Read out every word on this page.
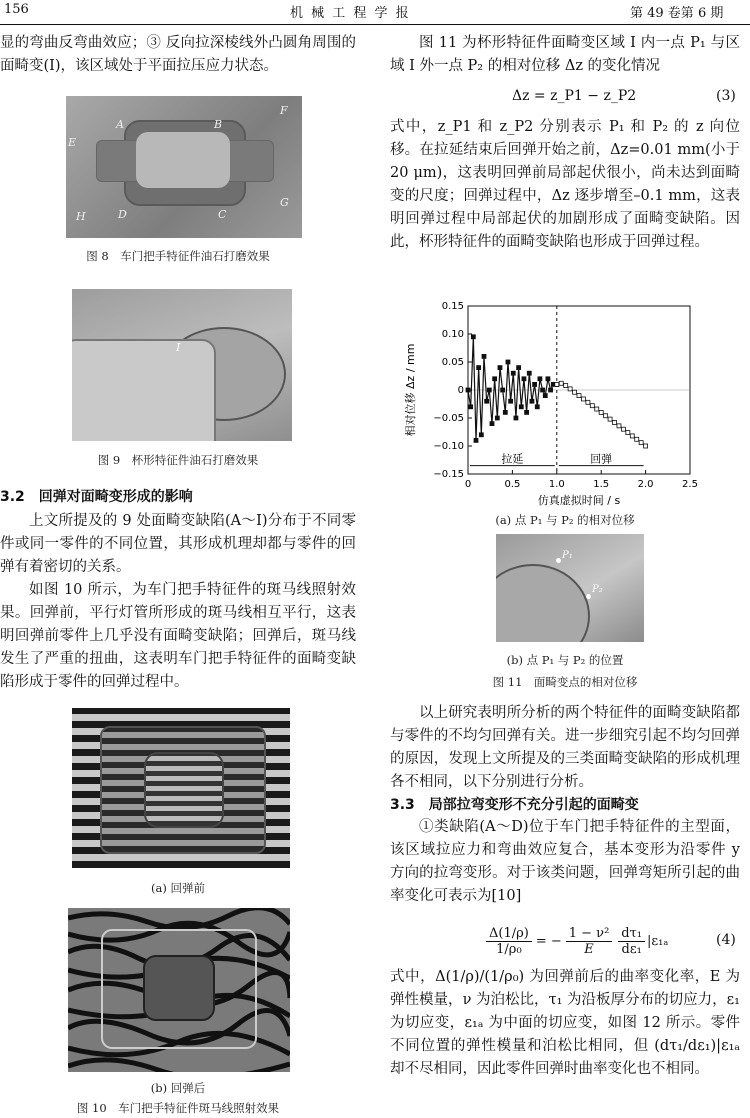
156	机 械 工 程 学 报	第 49 卷第 6 期

显的弯曲反弯曲效应；③ 反向拉深棱线外凸圆角周围的面畸变(I)，该区域处于平面拉压应力状态。

A	B
C
D
E
F
G
H

图 8　车门把手特征件油石打磨效果

I

图 9　杯形特征件油石打磨效果

3.2　回弹对面畸变形成的影响

上文所提及的 9 处面畸变缺陷(A～I)分布于不同零件或同一零件的不同位置，其形成机理却都与零件的回弹有着密切的关系。

如图 10 所示，为车门把手特征件的斑马线照射效果。回弹前，平行灯管所形成的斑马线相互平行，这表明回弹前零件上几乎没有面畸变缺陷；回弹后，斑马线发生了严重的扭曲，这表明车门把手特征件的面畸变缺陷形成于零件的回弹过程中。

(a) 回弹前

(b) 回弹后

图 10　车门把手特征件斑马线照射效果

图 11 为杯形特征件面畸变区域 I 内一点 P₁ 与区域 I 外一点 P₂ 的相对位移 Δz 的变化情况

Δz = z_P1 − z_P2	(3)

式中，z_P1 和 z_P2 分别表示 P₁ 和 P₂ 的 z 向位移。在拉延结束后回弹开始之前，Δz=0.01 mm(小于 20 μm)，这表明回弹前局部起伏很小，尚未达到面畸变的尺度；回弹过程中，Δz 逐步增至–0.1 mm，这表明回弹过程中局部起伏的加剧形成了面畸变缺陷。因此，杯形特征件的面畸变缺陷也形成于回弹过程。

0	0.5	1.0	1.5	2.0	2.5
−0.15
−0.10
−0.05
0
0.05
0.10
0.15
拉延	回弹
仿真虚拟时间 / s
相对位移 Δz / mm

(a) 点 P₁ 与 P₂ 的相对位移

P₁
P₂

(b) 点 P₁ 与 P₂ 的位置

图 11　面畸变点的相对位移

以上研究表明所分析的两个特征件的面畸变缺陷都与零件的不均匀回弹有关。进一步细究引起不均匀回弹的原因，发现上文所提及的三类面畸变缺陷的形成机理各不相同，以下分别进行分析。

3.3　局部拉弯变形不充分引起的面畸变

①类缺陷(A～D)位于车门把手特征件的主型面，该区域拉应力和弯曲效应复合，基本变形为沿零件 y 方向的拉弯变形。对于该类问题，回弹弯矩所引起的曲率变化可表示为[10]

$\frac{\Delta(1/\rho)}{\text{1/ρ₀}}$ = − $\frac{\text{1 − ν²}}{E} \frac{\text{dτ₁}}{\text{dε₁}} |\varepsilon_{1a}$	(4)

式中，Δ(1/ρ)/(1/ρ₀) 为回弹前后的曲率变化率，E 为弹性模量，ν 为泊松比，τ₁ 为沿板厚分布的切应力，ε₁ 为切应变，ε₁ₐ 为中面的切应变，如图 12 所示。零件不同位置的弹性模量和泊松比相同，但 (dτ₁/dε₁)|ε₁ₐ 却不尽相同，因此零件回弹时曲率变化也不相同。
